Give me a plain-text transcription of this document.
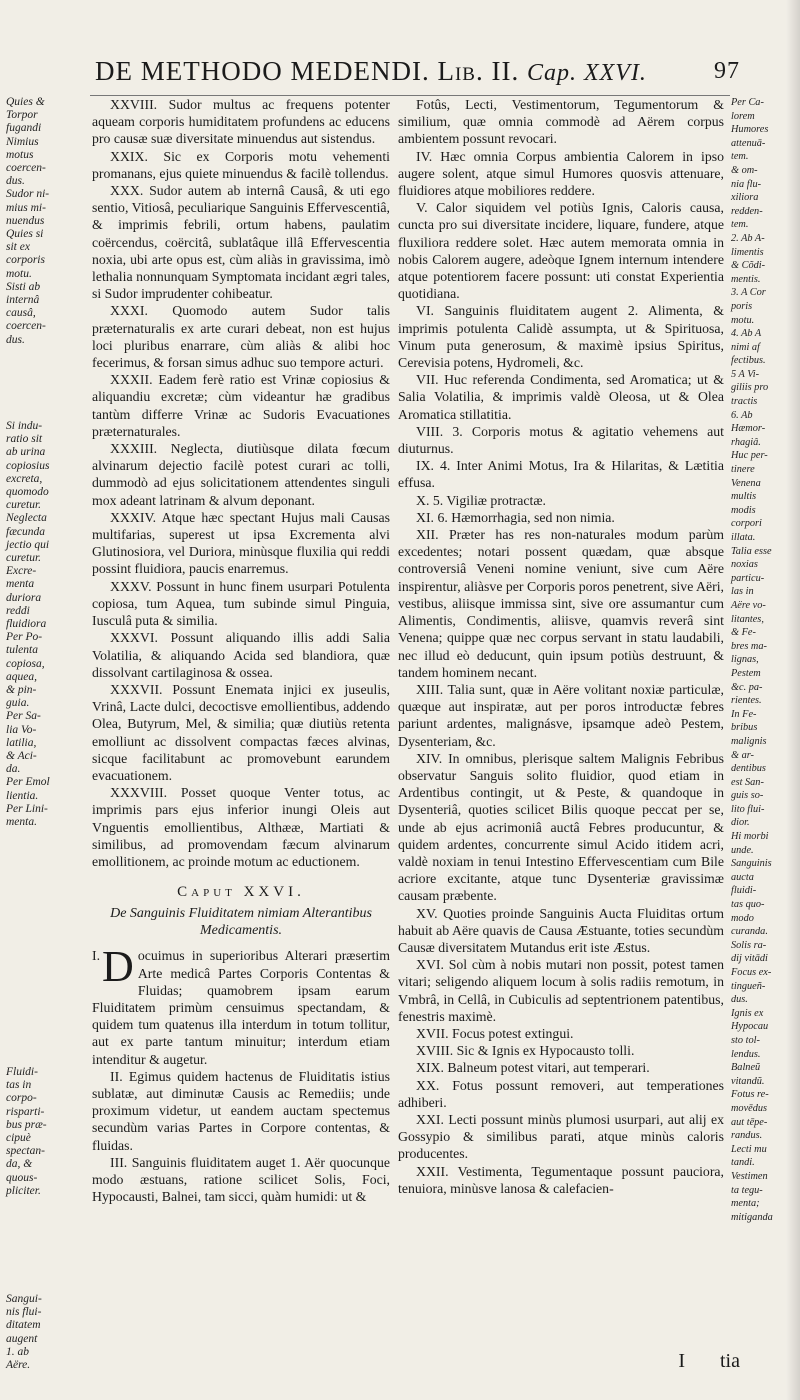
DE METHODO MEDENDI. Lib. II. Cap. XXVI.	97
Quies &
Torpor
fugandi
Nimius
motus
coercen-
dus.
Sudor ni-
mius mi-
nuendus
Quies si
sit ex
corporis
motu.
Sisti ab
internâ
causâ,
coercen-
dus.
Si indu-
ratio sit
ab urina
copiosius
excreta,
quomodo
curetur.
Neglecta
fæcunda
jectio qui
curetur.
Excre-
menta
duriora
reddi
fluidiora
Per Po-
tulenta
copiosa,
aquea,
& pin-
guia.
Per Sa-
lia Vo-
latilia,
& Aci-
da.
Per Emol
lientia.
Per Lini-
menta.
Fluidi-
tas in
corpo-
risparti-
bus præ-
cipuè
spectan-
da, &
quous-
pliciter.
Sangui-
nis flui-
ditatem
augent
1. ab
Aëre.
Per Ca-
lorem
Humores
attenuā-
tem.
& om-
nia flu-
xiliora
redden-
tem.
2. Ab A-
limentis
& Cõdi-
mentis.
3. A Cor
poris
motu.
4. Ab A
nimi af
fectibus.
5 A Vi-
giliis pro
tractis
6. Ab
Hæmor-
rhagiâ.
Huc per-
tinere
Venena
multis
modis
corpori
illata.
Talia esse
noxias
particu-
las in
Aëre vo-
litantes,
& Fe-
bres ma-
lignas,
Pestem
&c. pa-
rientes.
In Fe-
bribus
malignis
& ar-
dentibus
est San-
guis so-
lito flui-
dior.
Hi morbi
unde.
Sanguinis
aucta
fluidi-
tas quo-
modo
curanda.
Solis ra-
dij vitādi
Focus ex-
tingueñ-
dus.
Ignis ex
Hypocau
sto tol-
lendus.
Balneũ
vitandũ.
Fotus re-
movēdus
aut tēpe-
randus.
Lecti mu
tandi.
Vestimen
ta tegu-
menta;
mitiganda

XXVIII. Sudor multus ac frequens potenter aqueam corporis humiditatem profundens ac educens pro causæ suæ diversitate minuendus aut sistendus.

XXIX. Sic ex Corporis motu vehementi promanans, ejus quiete minuendus & facilè tollendus.

XXX. Sudor autem ab internâ Causâ, & uti ego sentio, Vitiosâ, peculiarique Sanguinis Effervescentiâ, & imprimis febrili, ortum habens, paulatim coërcendus, coërcitâ, sublatâque illâ Effervescentia noxia, ubi arte opus est, cùm aliàs in gravissima, imò lethalia nonnunquam Symptomata incidant ægri tales, si Sudor imprudenter cohibeatur.

XXXI. Quomodo autem Sudor talis præternaturalis ex arte curari debeat, non est hujus loci pluribus enarrare, cùm aliàs & alibi hoc fecerimus, & forsan simus adhuc suo tempore acturi.

XXXII. Eadem ferè ratio est Vrinæ copiosius & aliquandiu excretæ; cùm videantur hæ gradibus tantùm differre Vrinæ ac Sudoris Evacuationes præternaturales.

XXXIII. Neglecta, diutiùsque dilata fœcum alvinarum dejectio facilè potest curari ac tolli, dummodò ad ejus solicitationem attendentes singuli mox adeant latrinam & alvum deponant.

XXXIV. Atque hæc spectant Hujus mali Causas multifarias, superest ut ipsa Excrementa alvi Glutinosiora, vel Duriora, minùsque fluxilia qui reddi possint fluidiora, paucis enarremus.

XXXV. Possunt in hunc finem usurpari Potulenta copiosa, tum Aquea, tum subinde simul Pinguia, Iusculâ puta & similia.

XXXVI. Possunt aliquando illis addi Salia Volatilia, & aliquando Acida sed blandiora, quæ dissolvant cartilaginosa & ossea.

XXXVII. Possunt Enemata injici ex juseulis, Vrinâ, Lacte dulci, decoctisve emollientibus, addendo Olea, Butyrum, Mel, & similia; quæ diutiùs retenta emolliunt ac dissolvent compactas fæces alvinas, sicque facilitabunt ac promovebunt earundem evacuationem.

XXXVIII. Posset quoque Venter totus, ac imprimis pars ejus inferior inungi Oleis aut Vnguentis emollientibus, Althææ, Martiati & similibus, ad promovendam fæcum alvinarum emollitionem, ac proinde motum ac eductionem.

Caput XXVI.
De Sanguinis Fluiditatem nimiam Alterantibus Medicamentis.

I. D ocuimus in superioribus Alterari præsertim Arte medicâ Partes Corporis Contentas & Fluidas; quamobrem ipsam earum Fluiditatem primùm censuimus spectandam, & quidem tum quatenus illa interdum in totum tollitur, aut ex parte tantum minuitur; interdum etiam intenditur & augetur.

II. Egimus quidem hactenus de Fluiditatis istius sublatæ, aut diminutæ Causis ac Remediis; unde proximum videtur, ut eandem auctam spectemus secundùm varias Partes in Corpore contentas, & fluidas.

III. Sanguinis fluiditatem auget 1. Aër quocunque modo æstuans, ratione scilicet Solis, Foci, Hypocausti, Balnei, tam sicci, quàm humidi: ut &

Fotûs, Lecti, Vestimentorum, Tegumentorum & similium, quæ omnia commodè ad Aërem corpus ambientem possunt revocari.

IV. Hæc omnia Corpus ambientia Calorem in ipso augere solent, atque simul Humores quosvis attenuare, fluidiores atque mobiliores reddere.

V. Calor siquidem vel potiùs Ignis, Caloris causa, cuncta pro sui diversitate incidere, liquare, fundere, atque fluxiliora reddere solet. Hæc autem memorata omnia in nobis Calorem augere, adeòque Ignem internum intendere atque potentiorem facere possunt: uti constat Experientia quotidiana.

VI. Sanguinis fluiditatem augent 2. Alimenta, & imprimis potulenta Calidè assumpta, ut & Spirituosa, Vinum puta generosum, & maximè ipsius Spiritus, Cerevisia potens, Hydromeli, &c.

VII. Huc referenda Condimenta, sed Aromatica; ut & Salia Volatilia, & imprimis valdè Oleosa, ut & Olea Aromatica stillatitia.

VIII. 3. Corporis motus & agitatio vehemens aut diuturnus.

IX. 4. Inter Animi Motus, Ira & Hilaritas, & Lætitia effusa.

X. 5. Vigiliæ protractæ.

XI. 6. Hæmorrhagia, sed non nimia.

XII. Præter has res non-naturales modum parùm excedentes; notari possent quædam, quæ absque controversiâ Veneni nomine veniunt, sive cum Aëre inspirentur, aliàsve per Corporis poros penetrent, sive Aëri, vestibus, aliisque immissa sint, sive ore assumantur cum Alimentis, Condimentis, aliisve, quamvis reverâ sint Venena; quippe quæ nec corpus servant in statu laudabili, nec illud eò deducunt, quin ipsum potiùs destruunt, & tandem hominem necant.

XIII. Talia sunt, quæ in Aëre volitant noxiæ particulæ, quæque aut inspiratæ, aut per poros introductæ febres pariunt ardentes, malignásve, ipsamque adeò Pestem, Dysenteriam, &c.

XIV. In omnibus, plerisque saltem Malignis Febribus observatur Sanguis solito fluidior, quod etiam in Ardentibus contingit, ut & Peste, & quandoque in Dysenteriâ, quoties scilicet Bilis quoque peccat per se, unde ab ejus acrimoniâ auctâ Febres producuntur, & quidem ardentes, concurrente simul Acido itidem acri, valdè noxiam in tenui Intestino Effervescentiam cum Bile acriore excitante, atque tunc Dysenteriæ gravissimæ causam præbente.

XV. Quoties proinde Sanguinis Aucta Fluiditas ortum habuit ab Aëre quavis de Causa Æstuante, toties secundùm Causæ diversitatem Mutandus erit iste Æstus.

XVI. Sol cùm à nobis mutari non possit, potest tamen vitari; seligendo aliquem locum à solis radiis remotum, in Vmbrâ, in Cellâ, in Cubiculis ad septentrionem patentibus, fenestris maximè.

XVII. Focus potest extingui.

XVIII. Sic & Ignis ex Hypocausto tolli.

XIX. Balneum potest vitari, aut temperari.

XX. Fotus possunt removeri, aut temperationes adhiberi.

XXI. Lecti possunt minùs plumosi usurpari, aut alij ex Gossypio & similibus parati, atque minùs caloris producentes.

XXII. Vestimenta, Tegumentaque possunt pauciora, tenuiora, minùsve lanosa & calefacien-

I tia
